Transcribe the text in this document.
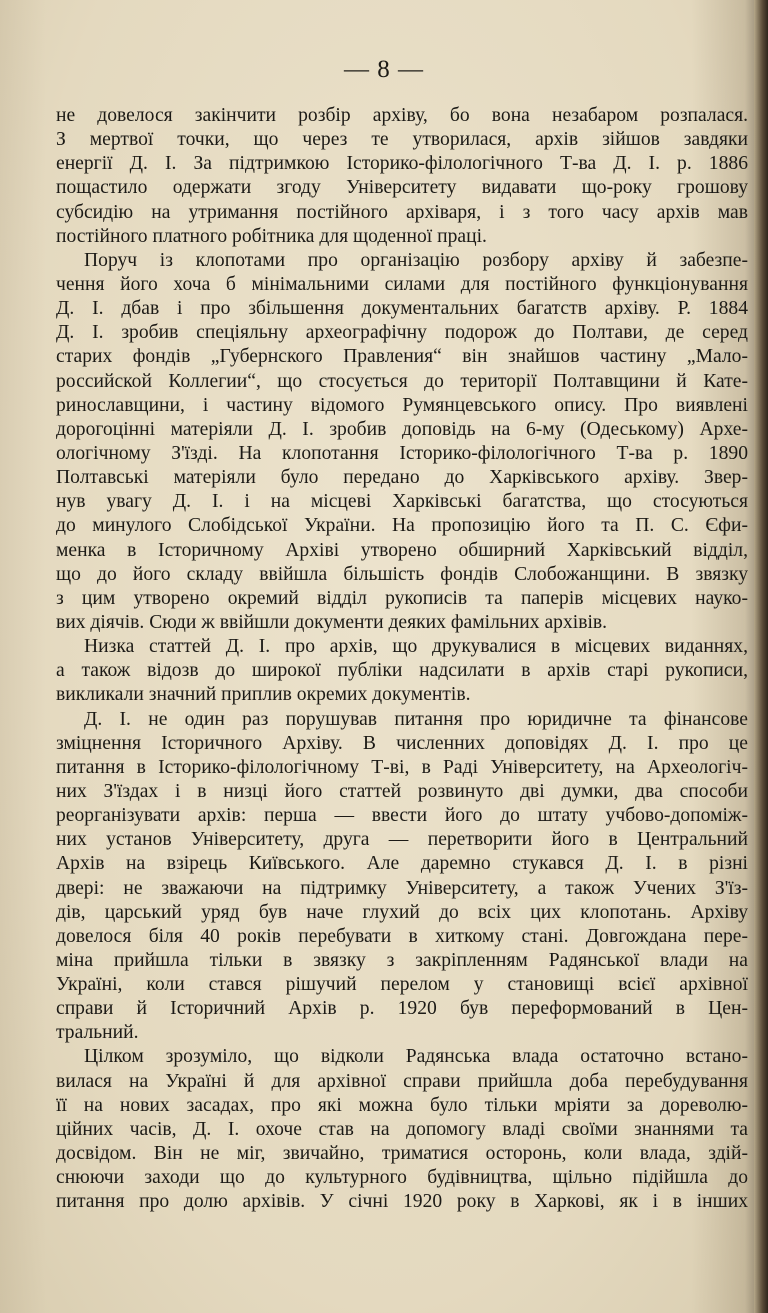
— 8 —
не довелося закінчити розбір архіву, бо вона незабаром розпалася.
З мертвої точки, що через те утворилася, архів зійшов завдяки
енергії Д. І. За підтримкою Історико-філологічного Т-ва Д. І. р. 1886
пощастило одержати згоду Університету видавати що-року грошову
субсидію на утримання постійного архіваря, і з того часу архів мав
постійного платного робітника для щоденної праці.
Поруч із клопотами про організацію розбору архіву й забезпе-
чення його хоча б мінімальними силами для постійного функціонування
Д. І. дбав і про збільшення документальних багатств архіву. Р. 1884
Д. І. зробив спеціяльну археографічну подорож до Полтави, де серед
старих фондів „Губернского Правления“ він знайшов частину „Мало-
российской Коллегии“, що стосується до території Полтавщини й Кате-
ринославщини, і частину відомого Румянцевського опису. Про виявлені
дорогоцінні матеріяли Д. І. зробив доповідь на 6-му (Одеському) Архе-
ологічному З'їзді. На клопотання Історико-філологічного Т-ва р. 1890
Полтавські матеріяли було передано до Харківського архіву. Звер-
нув увагу Д. І. і на місцеві Харківські багатства, що стосуються
до минулого Слобідської України. На пропозицію його та П. С. Єфи-
менка в Історичному Архіві утворено обширний Харківський відділ,
що до його складу ввійшла більшість фондів Слобожанщини. В звязку
з цим утворено окремий відділ рукописів та паперів місцевих науко-
вих діячів. Сюди ж ввійшли документи деяких фамільних архівів.
Низка статтей Д. І. про архів, що друкувалися в місцевих виданнях,
а також відозв до широкої публіки надсилати в архів старі рукописи,
викликали значний приплив окремих документів.
Д. І. не один раз порушував питання про юридичне та фінансове
зміцнення Історичного Архіву. В численних доповідях Д. І. про це
питання в Історико-філологічному Т-ві, в Раді Університету, на Археологіч-
них З'їздах і в низці його статтей розвинуто дві думки, два способи
реорганізувати архів: перша — ввести його до штату учбово-допоміж-
них установ Університету, друга — перетворити його в Центральний
Архів на взірець Київського. Але даремно стукався Д. І. в різні
двері: не зважаючи на підтримку Університету, а також Учених З'їз-
дів, царський уряд був наче глухий до всіх цих клопотань. Архіву
довелося біля 40 років перебувати в хиткому стані. Довгождана пере-
міна прийшла тільки в звязку з закріпленням Радянської влади на
Україні, коли стався рішучий перелом у становищі всієї архівної
справи й Історичний Архів р. 1920 був переформований в Цен-
тральний.
Цілком зрозуміло, що відколи Радянська влада остаточно встано-
вилася на Україні й для архівної справи прийшла доба перебудування
її на нових засадах, про які можна було тільки мріяти за дореволю-
ційних часів, Д. І. охоче став на допомогу владі своїми знаннями та
досвідом. Він не міг, звичайно, триматися осторонь, коли влада, здій-
снюючи заходи що до культурного будівництва, щільно підійшла до
питання про долю архівів. У січні 1920 року в Харкові, як і в інших
